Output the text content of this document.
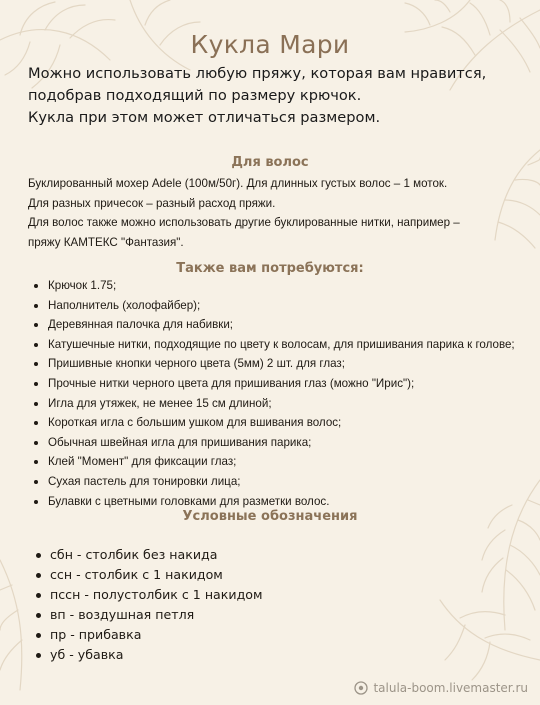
Кукла Мари

Можно использовать любую пряжу, которая вам нравится, подобрав подходящий по размеру крючок.

Кукла при этом может отличаться размером.

Для волос

Буклированный мохер Adele (100м/50г). Для длинных густых волос – 1 моток.

Для разных причесок – разный расход пряжи.

Для волос также можно использовать другие буклированные нитки, например –

пряжу КАМТЕКС "Фантазия".

Также вам потребуются:
Крючок 1.75;
Наполнитель (холофайбер);
Деревянная палочка для набивки;
Катушечные нитки, подходящие по цвету к волосам, для пришивания парика к голове;
Пришивные кнопки черного цвета (5мм) 2 шт. для глаз;
Прочные нитки черного цвета для пришивания глаз (можно "Ирис");
Игла для утяжек, не менее 15 см длиной;
Короткая игла с большим ушком для вшивания волос;
Обычная швейная игла для пришивания парика;
Клей "Момент" для фиксации глаз;
Сухая пастель для тонировки лица;
Булавки с цветными головками для разметки волос.
Условные обозначения
сбн - столбик без накида
ссн - столбик с 1 накидом
пссн - полустолбик с 1 накидом
вп - воздушная петля
пр - прибавка
уб - убавка
talula-boom.livemaster.ru
